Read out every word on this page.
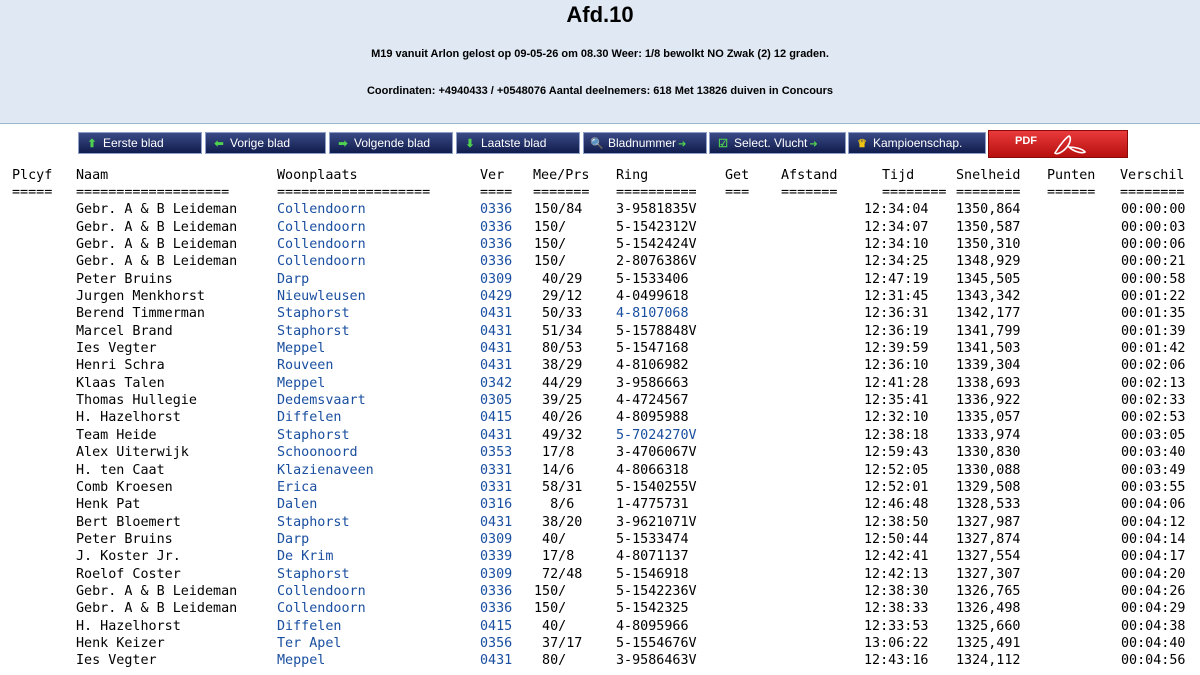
Afd.10
M19 vanuit Arlon gelost op 09-05-26 om 08.30 Weer: 1/8 bewolkt NO Zwak (2) 12 graden.
Coordinaten: +4940433 / +0548076 Aantal deelnemers: 618 Met 13826 duiven in Concours
⬆ Eerste blad	⬅ Vorige blad	➡ Volgende blad	⬇ Laatste blad	🔍 Bladnummer ➜	☑ Select. Vlucht ➜	♛ Kampioenschap.	PDF
Plcyf Naam	Woonplaats	Ver Mee/Prs Ring	Get Afstand	Tijd	Snelheid Punten Verschil
===== ===================	===================	==== ======= ========== === =======	======== ======== ====== ========
Gebr. A & B Leideman	Collendoorn	0336 150/84	3-9581835V	12:34:04 1350,864	00:00:00
Gebr. A & B Leideman	Collendoorn	0336 150/	5-1542312V	12:34:07 1350,587	00:00:03
Gebr. A & B Leideman	Collendoorn	0336 150/	5-1542424V	12:34:10 1350,310	00:00:06
Gebr. A & B Leideman	Collendoorn	0336 150/	2-8076386V	12:34:25 1348,929	00:00:21
Peter Bruins	Darp	0309 40/29	5-1533406	12:47:19 1345,505	00:00:58
Jurgen Menkhorst	Nieuwleusen	0429 29/12	4-0499618	12:31:45 1343,342	00:01:22
Berend Timmerman	Staphorst	0431 50/33	4-8107068	12:36:31 1342,177	00:01:35
Marcel Brand	Staphorst	0431 51/34	5-1578848V	12:36:19 1341,799	00:01:39
Ies Vegter	Meppel	0431 80/53	5-1547168	12:39:59 1341,503	00:01:42
Henri Schra	Rouveen	0431 38/29	4-8106982	12:36:10 1339,304	00:02:06
Klaas Talen	Meppel	0342 44/29	3-9586663	12:41:28 1338,693	00:02:13
Thomas Hullegie	Dedemsvaart	0305 39/25	4-4724567	12:35:41 1336,922	00:02:33
H. Hazelhorst	Diffelen	0415 40/26	4-8095988	12:32:10 1335,057	00:02:53
Team Heide	Staphorst	0431 49/32	5-7024270V	12:38:18 1333,974	00:03:05
Alex Uiterwijk	Schoonoord	0353 17/8	3-4706067V	12:59:43 1330,830	00:03:40
H. ten Caat	Klazienaveen	0331 14/6	4-8066318	12:52:05 1330,088	00:03:49
Comb Kroesen	Erica	0331 58/31	5-1540255V	12:52:01 1329,508	00:03:55
Henk Pat	Dalen	0316 8/6	1-4775731	12:46:48 1328,533	00:04:06
Bert Bloemert	Staphorst	0431 38/20	3-9621071V	12:38:50 1327,987	00:04:12
Peter Bruins	Darp	0309 40/	5-1533474	12:50:44 1327,874	00:04:14
J. Koster Jr.	De Krim	0339 17/8	4-8071137	12:42:41 1327,554	00:04:17
Roelof Coster	Staphorst	0309 72/48	5-1546918	12:42:13 1327,307	00:04:20
Gebr. A & B Leideman	Collendoorn	0336 150/	5-1542236V	12:38:30 1326,765	00:04:26
Gebr. A & B Leideman	Collendoorn	0336 150/	5-1542325	12:38:33 1326,498	00:04:29
H. Hazelhorst	Diffelen	0415 40/	4-8095966	12:33:53 1325,660	00:04:38
Henk Keizer	Ter Apel	0356 37/17	5-1554676V	13:06:22 1325,491	00:04:40
Ies Vegter	Meppel	0431 80/	3-9586463V	12:43:16 1324,112	00:04:56
